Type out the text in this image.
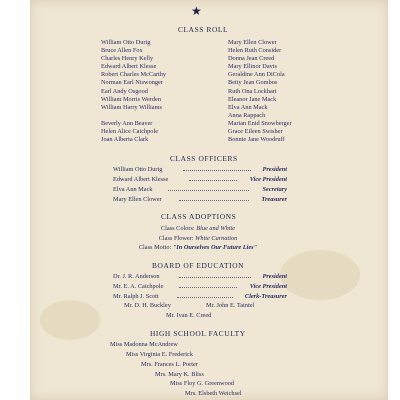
★
CLASS ROLL
William Otto Durig
Bruce Allen Fox
Charles Henry Kelly
Edward Albert Klesse
Robert Charles McCarthy
Norman Earl Niswonger
Earl Andy Osgood
William Morris Werden
William Harry Williams
Beverly Ann Beaver
Helen Alice Catchpole
Joan Alberta Clark
Mary Ellen Clower
Helen Ruth Consider
Donna Jean Creed
Mary Ellinor Davis
Geraldine Ann DiCola
Betty Jean Gombos
Ruth Ona Lockhart
Eleanor Jane Mack
Elva Ann Mack
Anna Rappach
Marian Enid Snowberger
Grace Eileen Swisher
Bonnie Jane Woodruff
CLASS OFFICERS
William Otto Durig	President
Edward Albert Klesse	Vice President
Elva Ann Mack	Secretary
Mary Ellen Clower	Treasurer
CLASS ADOPTIONS
Class Colors: Blue and White
Class Flower: White Carnation
Class Motto: "In Ourselves Our Future Lies"
BOARD OF EDUCATION
Dr. J. R. Anderson	President
Mr. E. A. Catchpole	Vice President
Mr. Ralph J. Scott	Clerk-Treasurer
Mr. D. H. Buckley	Mr. John E. Taintel
Mr. Ivan E. Creed
HIGH SCHOOL FACULTY
Miss Madonna McAndrew
Miss Virginia E. Frederick
Mrs. Frances L. Porter
Mrs. Mary K. Bliss
Miss Floy G. Greenwood
Mrs. Elsbeth Weichsel
